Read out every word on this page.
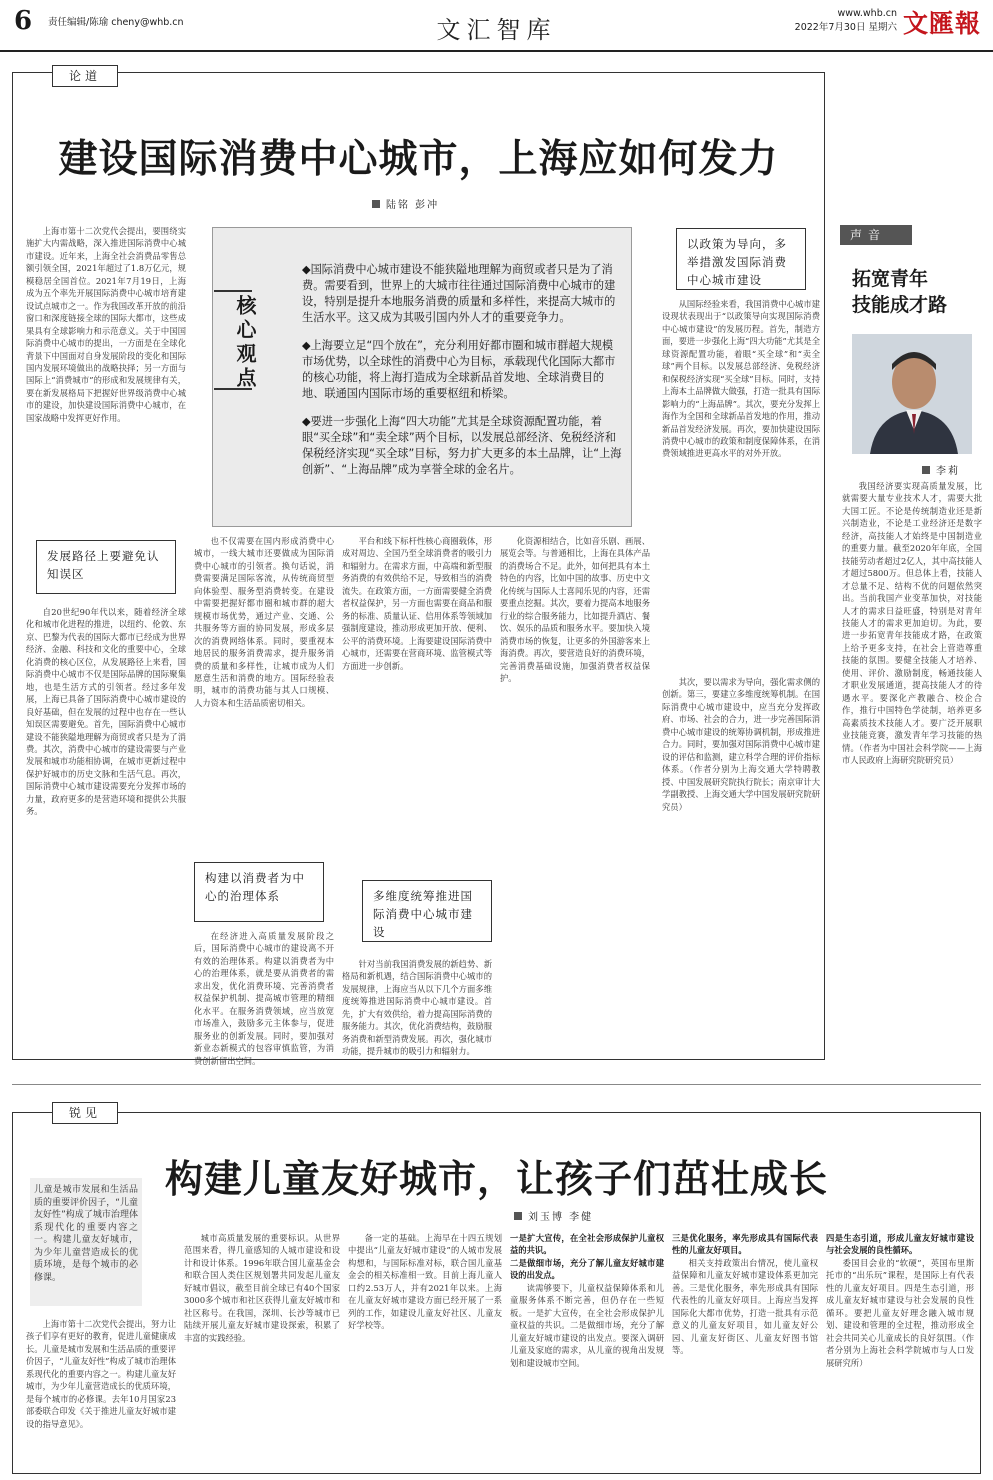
6 责任编辑/陈瑜 cheny@whb.cn	文汇智库
www.whb.cn
2022年7月30日 星期六 文匯報
论道
建设国际消费中心城市，上海应如何发力
陆铭 彭冲
核心观点

◆国际消费中心城市建设不能狭隘地理解为商贸或者只是为了消费。需要看到，世界上的大城市往往通过国际消费中心城市的建设，特别是提升本地服务消费的质量和多样性，来提高大城市的生活水平。这又成为其吸引国内外人才的重要竞争力。

◆上海要立足“四个放在”，充分利用好都市圈和城市群超大规模市场优势，以全球性的消费中心为目标，承载现代化国际大都市的核心功能，将上海打造成为全球新品首发地、全球消费目的地、联通国内国际市场的重要枢纽和桥梁。

◆要进一步强化上海“四大功能”尤其是全球资源配置功能，着眼“买全球”和“卖全球”两个目标，以发展总部经济、免税经济和保税经济实现“买全球”目标，努力扩大更多的本土品牌，让“上海创新”、“上海品牌”成为享誉全球的金名片。

上海市第十二次党代会提出，要围绕实施扩大内需战略，深入推进国际消费中心城市建设。近年来，上海全社会消费品零售总额引领全国，2021年超过了1.8万亿元，规模稳居全国首位。2021年7月19日，上海成为五个率先开展国际消费中心城市培育建设试点城市之一。作为我国改革开放的前沿窗口和深度链接全球的国际大都市，这些成果具有全球影响力和示范意义。关于中国国际消费中心城市的提出，一方面是在全球化背景下中国面对自身发展阶段的变化和国际国内发展环境做出的战略抉择；另一方面与国际上“消费城市”的形成和发展规律有关，要在新发展格局下把握好世界级消费中心城市的建设，加快建设国际消费中心城市，在国家战略中发挥更好作用。

发展路径上要避免认知误区

自20世纪90年代以来，随着经济全球化和城市化进程的推进，以纽约、伦敦、东京、巴黎为代表的国际大都市已经成为世界经济、金融、科技和文化的重要中心，全球化消费的核心区位，从发展路径上来看，国际消费中心城市不仅是国际品牌的国际聚集地，也是生活方式的引领者。经过多年发展，上海已具备了国际消费中心城市建设的良好基础，但在发展的过程中也存在一些认知误区需要避免。首先，国际消费中心城市建设不能狭隘地理解为商贸或者只是为了消费。其次，消费中心城市的建设需要与产业发展和城市功能相协调，在城市更新过程中保护好城市的历史文脉和生活气息。再次，国际消费中心城市建设需要充分发挥市场的力量，政府更多的是营造环境和提供公共服务。

也不仅需要在国内形成消费中心城市，一线大城市还要做成为国际消费中心城市的引领者。换句话说，消费需要满足国际客流，从传统商贸型向体验型、服务型消费转变。在建设中需要把握好都市圈和城市群的超大规模市场优势，通过产业、交通、公共服务等方面的协同发展，形成多层次的消费网络体系。同时，要重视本地居民的服务消费需求，提升服务消费的质量和多样性，让城市成为人们愿意生活和消费的地方。国际经验表明，城市的消费功能与其人口规模、人力资本和生活品质密切相关。

构建以消费者为中心的治理体系

在经济进入高质量发展阶段之后，国际消费中心城市的建设离不开有效的治理体系。构建以消费者为中心的治理体系，就是要从消费者的需求出发，优化消费环境、完善消费者权益保护机制、提高城市管理的精细化水平。在服务消费领域，应当放宽市场准入，鼓励多元主体参与，促进服务业的创新发展。同时，要加强对新业态新模式的包容审慎监管，为消费创新留出空间。

平台和线下标杆性核心商圈载体，形成对周边、全国乃至全球消费者的吸引力和辐射力。在需求方面，中高端和新型服务消费的有效供给不足，导致相当的消费流失。在政策方面，一方面需要健全消费者权益保护，另一方面也需要在商品和服务的标准、质量认证、信用体系等领域加强制度建设，推动形成更加开放、便利、公平的消费环境。上海要建设国际消费中心城市，还需要在营商环境、监管模式等方面进一步创新。

多维度统筹推进国际消费中心城市建设

针对当前我国消费发展的新趋势、新格局和新机遇，结合国际消费中心城市的发展规律，上海应当从以下几个方面多维度统筹推进国际消费中心城市建设。首先，扩大有效供给，着力提高国际消费的服务能力。其次，优化消费结构，鼓励服务消费和新型消费发展。再次，强化城市功能，提升城市的吸引力和辐射力。

化资源相结合，比如音乐剧、画展、展览会等。与普通相比，上海在具体产品的消费场合不足。此外，如何把具有本土特色的内容，比如中国的故事、历史中文化传统与国际人士喜闻乐见的内容，还需要重点挖掘。其次，要着力提高本地服务行业的综合服务能力，比如提升酒店、餐饮、娱乐的品质和服务水平。要加快入境消费市场的恢复，让更多的外国游客来上海消费。再次，要营造良好的消费环境，完善消费基础设施，加强消费者权益保护。

以政策为导向，多举措激发国际消费中心城市建设

从国际经验来看，我国消费中心城市建设现状表现出于“以政策导向实现国际消费中心城市建设”的发展历程。首先，制造方面，要进一步强化上海“四大功能”尤其是全球资源配置功能，着眼“买全球”和“卖全球”两个目标。以发展总部经济、免税经济和保税经济实现“买全球”目标。同时，支持上海本土品牌做大做强，打造一批具有国际影响力的“上海品牌”。其次，要充分发挥上海作为全国和全球新品首发地的作用，推动新品首发经济发展。再次，要加快建设国际消费中心城市的政策和制度保障体系，在消费领域推进更高水平的对外开放。

其次，要以需求为导向，强化需求侧的创新。第三，要建立多维度统筹机制。在国际消费中心城市建设中，应当充分发挥政府、市场、社会的合力，进一步完善国际消费中心城市建设的统筹协调机制，形成推进合力。同时，要加强对国际消费中心城市建设的评估和监测，建立科学合理的评价指标体系。（作者分别为上海交通大学特聘教授、中国发展研究院执行院长；南京审计大学副教授、上海交通大学中国发展研究院研究员）

声音
拓宽青年
技能成才路
李莉

我国经济要实现高质量发展，比就需要大量专业技术人才，需要大批大国工匠。不论是传统制造业还是新兴制造业，不论是工业经济还是数字经济，高技能人才始终是中国制造业的重要力量。截至2020年年底，全国技能劳动者超过2亿人，其中高技能人才超过5800万。但总体上看，技能人才总量不足、结构不优的问题依然突出。当前我国产业变革加快，对技能人才的需求日益旺盛，特别是对青年技能人才的需求更加迫切。为此，要进一步拓宽青年技能成才路，在政策上给予更多支持，在社会上营造尊重技能的氛围。要健全技能人才培养、使用、评价、激励制度，畅通技能人才职业发展通道，提高技能人才的待遇水平。要深化产教融合、校企合作，推行中国特色学徒制，培养更多高素质技术技能人才。要广泛开展职业技能竞赛，激发青年学习技能的热情。（作者为中国社会科学院——上海市人民政府上海研究院研究员）

锐见
构建儿童友好城市，让孩子们茁壮成长
刘玉博 李健
儿童是城市发展和生活品质的重要评价因子，“儿童友好性”构成了城市治理体系现代化的重要内容之一。构建儿童友好城市，为少年儿童营造成长的优质环境，是每个城市的必修课。

上海市第十二次党代会提出，努力让孩子们享有更好的教育，促进儿童健康成长。儿童是城市发展和生活品质的重要评价因子，“儿童友好性”构成了城市治理体系现代化的重要内容之一。构建儿童友好城市，为少年儿童营造成长的优质环境，是每个城市的必修课。去年10月国家23部委联合印发《关于推进儿童友好城市建设的指导意见》。

城市高质量发展的重要标识。从世界范围来看，得几童感知的人城市建设和设计和设计体系。1996年联合国儿童基金会和联合国人类住区规划署共同发起儿童友好城市倡议，截至目前全球已有40个国家3000多个城市和社区获得儿童友好城市和社区称号。在我国，深圳、长沙等城市已陆续开展儿童友好城市建设探索，积累了丰富的实践经验。

备一定的基础。上海早在十四五规划中提出“儿童友好城市建设”的人城市发展构想和，与国际标准对标，联合国儿童基金会的相关标准相一致。目前上海儿童人口约2.53万人，并有2021年以来。上海在儿童友好城市建设方面已经开展了一系列的工作，如建设儿童友好社区、儿童友好学校等。

一是扩大宣传，在全社会形成保护儿童权益的共识。
二是做细市场，充分了解儿童友好城市建设的出发点。

读需够要下，儿童权益保障体系和儿童服务体系不断完善，但仍存在一些短板。一是扩大宣传，在全社会形成保护儿童权益的共识。二是做细市场，充分了解儿童友好城市建设的出发点。要深入调研儿童及家庭的需求，从儿童的视角出发规划和建设城市空间。

三是优化服务，率先形成具有国际代表性的儿童友好项目。

相关支持政策出台情况，使儿童权益保障和儿童友好城市建设体系更加完善。三是优化服务，率先形成具有国际代表性的儿童友好项目。上海应当发挥国际化大都市优势，打造一批具有示范意义的儿童友好项目，如儿童友好公园、儿童友好街区、儿童友好图书馆等。

四是生态引道，形成儿童友好城市建设与社会发展的良性循环。

委国目会业的“软硬”，英国布里斯托市的“出乐玩”课程，是国际上有代表性的儿童友好项目。四是生态引道，形成儿童友好城市建设与社会发展的良性循环。要把儿童友好理念融入城市规划、建设和管理的全过程，推动形成全社会共同关心儿童成长的良好氛围。（作者分别为上海社会科学院城市与人口发展研究所）
